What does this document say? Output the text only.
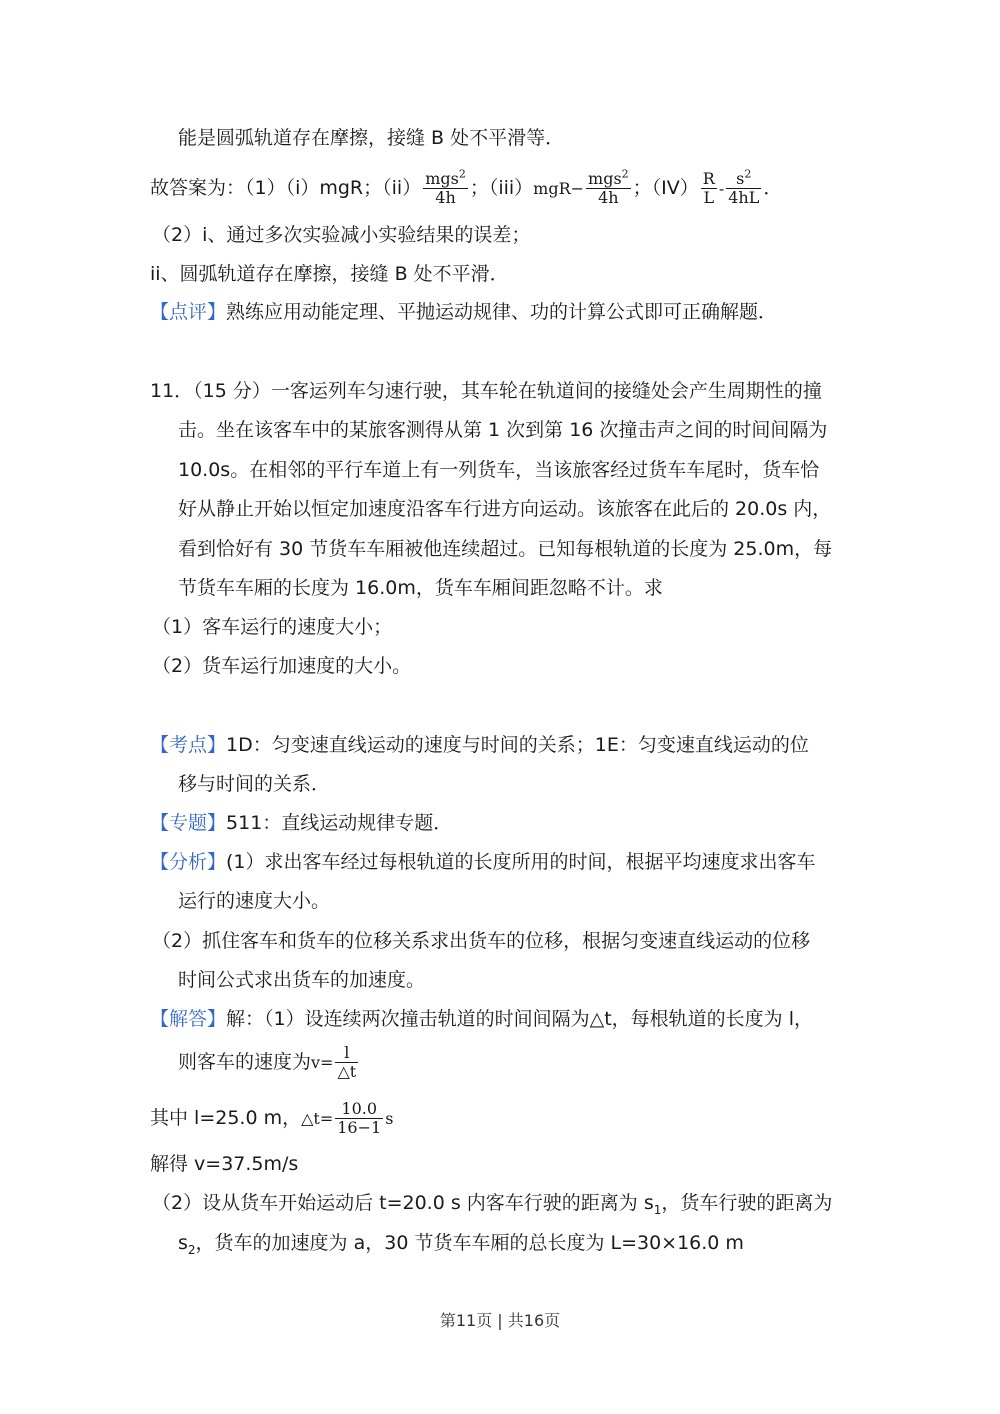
能是圆弧轨道存在摩擦，接缝 B 处不平滑等．
故答案为：（1）（i）mgR；$(ii) \frac{mgs^2}{4h}$ ；$(iii)mgR- \frac{mgs^2}{4h}$ ；$(IV) \frac{R}{L} - \frac{s^2}{4hL}$ ．
（2）i、通过多次实验减小实验结果的误差；
ii、圆弧轨道存在摩擦，接缝 B 处不平滑．
【点评】熟练应用动能定理、平抛运动规律、功的计算公式即可正确解题．
11．（15 分）一客运列车匀速行驶，其车轮在轨道间的接缝处会产生周期性的撞
击。坐在该客车中的某旅客测得从第 1 次到第 16 次撞击声之间的时间间隔为
10.0s。在相邻的平行车道上有一列货车，当该旅客经过货车车尾时，货车恰
好从静止开始以恒定加速度沿客车行进方向运动。该旅客在此后的 20.0s 内，
看到恰好有 30 节货车车厢被他连续超过。已知每根轨道的长度为 25.0m，每
节货车车厢的长度为 16.0m，货车车厢间距忽略不计。求
（1）客车运行的速度大小；
（2）货车运行加速度的大小。
【考点】1D：匀变速直线运动的速度与时间的关系；1E：匀变速直线运动的位
移与时间的关系．
【专题】511：直线运动规律专题．
【分析】(1）求出客车经过每根轨道的长度所用的时间，根据平均速度求出客车
运行的速度大小。
（2）抓住客车和货车的位移关系求出货车的位移，根据匀变速直线运动的位移
时间公式求出货车的加速度。
【解答】解：（1）设连续两次撞击轨道的时间间隔为△t，每根轨道的长度为 l，
则客车的速度为$v= \frac{l}{\triangle t}$
其中 l=25.0 m，△t= $\frac{10.0}{16-1}$ s
解得 v=37.5m/s
（2）设从货车开始运动后 t=20.0 s 内客车行驶的距离为 $s_1$，货车行驶的距离为
$s_2$，货车的加速度为 a，30 节货车车厢的总长度为 L=30×16.0 m
第11页 | 共16页
